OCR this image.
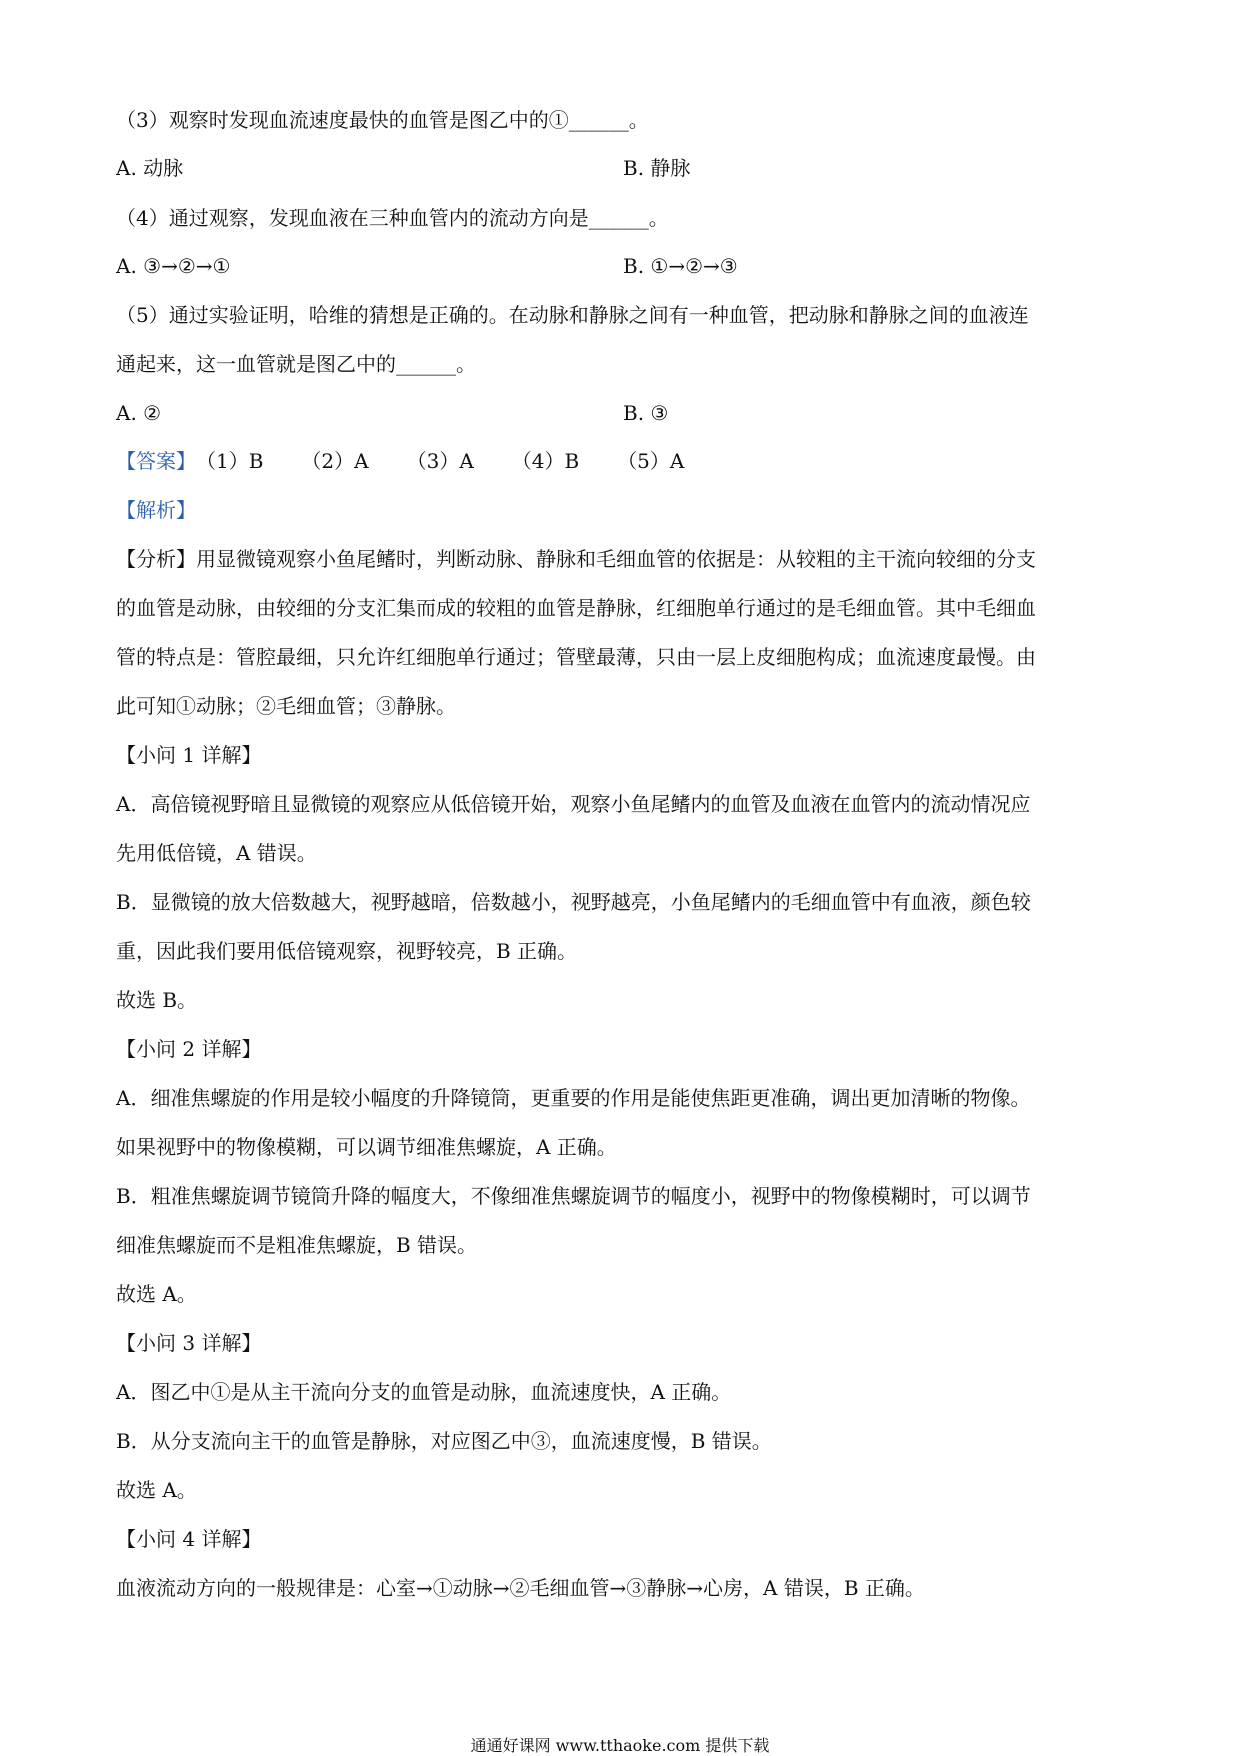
（3）观察时发现血流速度最快的血管是图乙中的①______。
A. 动脉	B. 静脉
（4）通过观察，发现血液在三种血管内的流动方向是______。
A. ③→②→①	B. ①→②→③
（5）通过实验证明，哈维的猜想是正确的。在动脉和静脉之间有一种血管，把动脉和静脉之间的血液连
通起来，这一血管就是图乙中的______。
A. ②	B. ③
【答案】（1）B （2）A （3）A （4）B （5）A
【解析】
【分析】用显微镜观察小鱼尾鳍时，判断动脉、静脉和毛细血管的依据是：从较粗的主干流向较细的分支
的血管是动脉，由较细的分支汇集而成的较粗的血管是静脉，红细胞单行通过的是毛细血管。其中毛细血
管的特点是：管腔最细，只允许红细胞单行通过；管壁最薄，只由一层上皮细胞构成；血流速度最慢。由
此可知①动脉；②毛细血管；③静脉。
【小问 1 详解】
A．高倍镜视野暗且显微镜的观察应从低倍镜开始，观察小鱼尾鳍内的血管及血液在血管内的流动情况应
先用低倍镜，A 错误。
B．显微镜的放大倍数越大，视野越暗，倍数越小，视野越亮，小鱼尾鳍内的毛细血管中有血液，颜色较
重，因此我们要用低倍镜观察，视野较亮，B 正确。
故选 B。
【小问 2 详解】
A．细准焦螺旋的作用是较小幅度的升降镜筒，更重要的作用是能使焦距更准确，调出更加清晰的物像。
如果视野中的物像模糊，可以调节细准焦螺旋，A 正确。
B．粗准焦螺旋调节镜筒升降的幅度大，不像细准焦螺旋调节的幅度小，视野中的物像模糊时，可以调节
细准焦螺旋而不是粗准焦螺旋，B 错误。
故选 A。
【小问 3 详解】
A．图乙中①是从主干流向分支的血管是动脉，血流速度快，A 正确。
B．从分支流向主干的血管是静脉，对应图乙中③，血流速度慢，B 错误。
故选 A。
【小问 4 详解】
血液流动方向的一般规律是：心室→①动脉→②毛细血管→③静脉→心房，A 错误，B 正确。
通通好课网 www.tthaoke.com 提供下载
